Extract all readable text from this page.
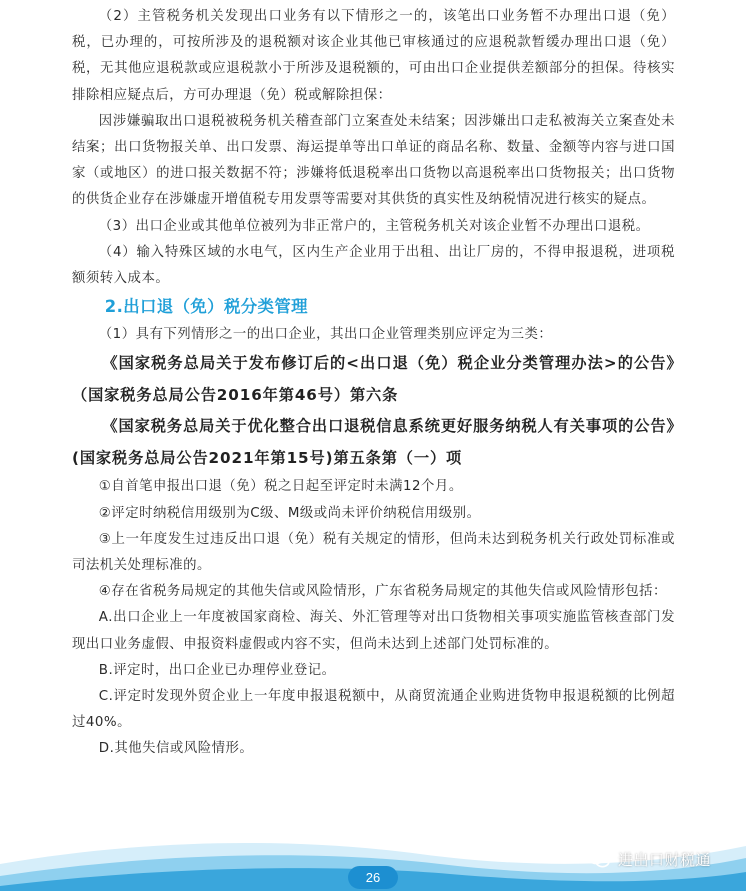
（2）主管税务机关发现出口业务有以下情形之一的，该笔出口业务暂不办理出口退（免）税，已办理的，可按所涉及的退税额对该企业其他已审核通过的应退税款暂缓办理出口退（免）税，无其他应退税款或应退税款小于所涉及退税额的，可由出口企业提供差额部分的担保。待核实排除相应疑点后，方可办理退（免）税或解除担保：

因涉嫌骗取出口退税被税务机关稽查部门立案查处未结案；因涉嫌出口走私被海关立案查处未结案；出口货物报关单、出口发票、海运提单等出口单证的商品名称、数量、金额等内容与进口国家（或地区）的进口报关数据不符；涉嫌将低退税率出口货物以高退税率出口货物报关；出口货物的供货企业存在涉嫌虚开增值税专用发票等需要对其供货的真实性及纳税情况进行核实的疑点。

（3）出口企业或其他单位被列为非正常户的，主管税务机关对该企业暂不办理出口退税。

（4）输入特殊区域的水电气，区内生产企业用于出租、出让厂房的，不得申报退税，进项税额须转入成本。

2.出口退（免）税分类管理

（1）具有下列情形之一的出口企业，其出口企业管理类别应评定为三类：

《国家税务总局关于发布修订后的<出口退（免）税企业分类管理办法>的公告》（国家税务总局公告2016年第46号）第六条

《国家税务总局关于优化整合出口退税信息系统更好服务纳税人有关事项的公告》(国家税务总局公告2021年第15号)第五条第（一）项

①自首笔申报出口退（免）税之日起至评定时未满12个月。

②评定时纳税信用级别为C级、M级或尚未评价纳税信用级别。

③上一年度发生过违反出口退（免）税有关规定的情形，但尚未达到税务机关行政处罚标准或司法机关处理标准的。

④存在省税务局规定的其他失信或风险情形，广东省税务局规定的其他失信或风险情形包括：

A.出口企业上一年度被国家商检、海关、外汇管理等对出口货物相关事项实施监管核查部门发现出口业务虚假、申报资料虚假或内容不实，但尚未达到上述部门处罚标准的。

B.评定时，出口企业已办理停业登记。

C.评定时发现外贸企业上一年度申报退税额中，从商贸流通企业购进货物申报退税额的比例超过40%。

D.其他失信或风险情形。

26
进出口财税通
